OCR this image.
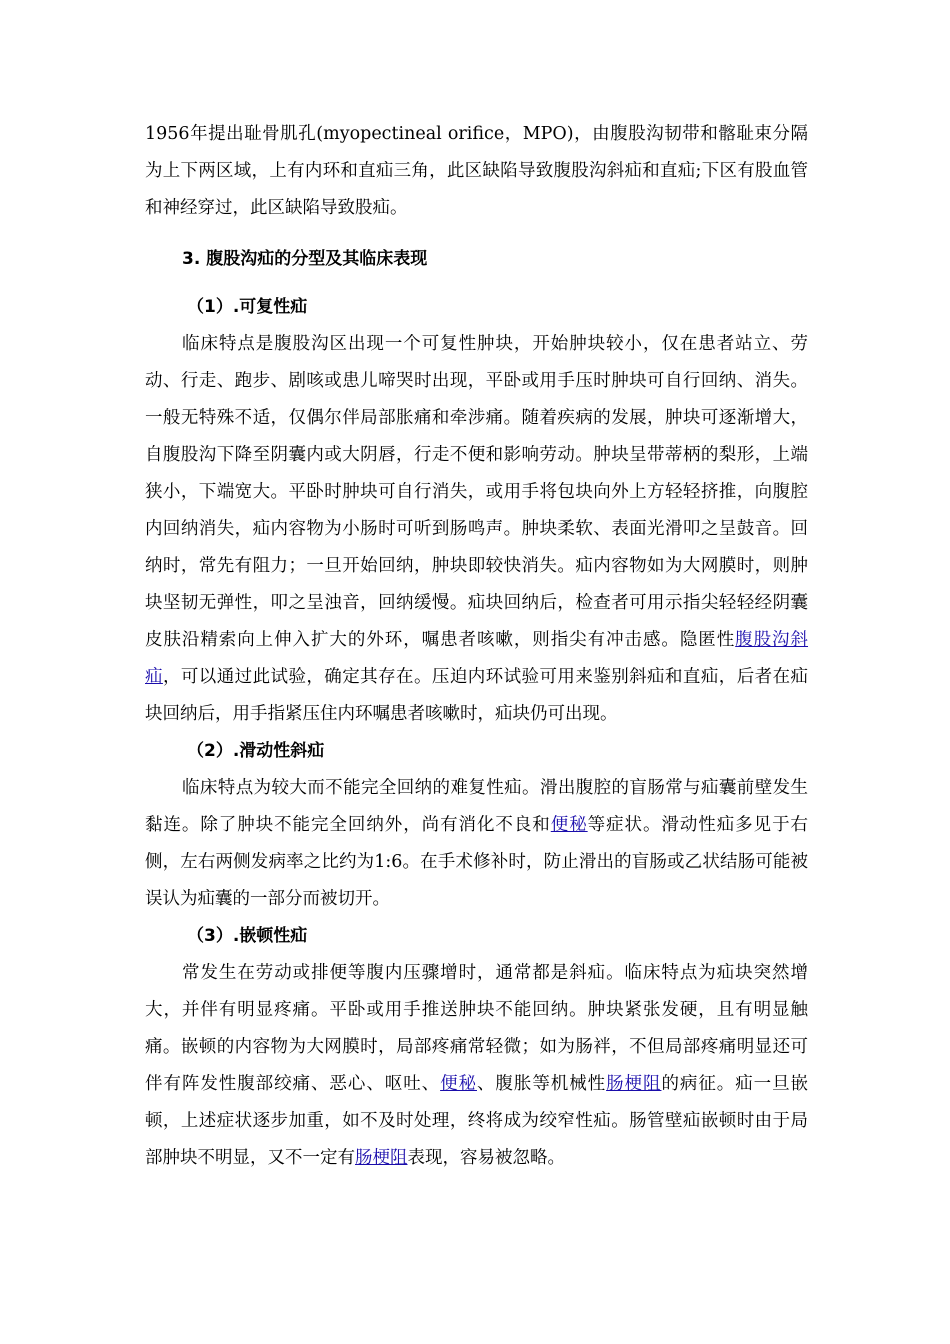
1956年提出耻骨肌孔(myopectineal orifice，MPO)，由腹股沟韧带和髂耻束分隔为上下两区域，上有内环和直疝三角，此区缺陷导致腹股沟斜疝和直疝;下区有股血管和神经穿过，此区缺陷导致股疝。

3. 腹股沟疝的分型及其临床表现
（1）.可复性疝

临床特点是腹股沟区出现一个可复性肿块，开始肿块较小，仅在患者站立、劳动、行走、跑步、剧咳或患儿啼哭时出现，平卧或用手压时肿块可自行回纳、消失。一般无特殊不适，仅偶尔伴局部胀痛和牵涉痛。随着疾病的发展，肿块可逐渐增大，自腹股沟下降至阴囊内或大阴唇，行走不便和影响劳动。肿块呈带蒂柄的梨形，上端狭小，下端宽大。平卧时肿块可自行消失，或用手将包块向外上方轻轻挤推，向腹腔内回纳消失，疝内容物为小肠时可听到肠鸣声。肿块柔软、表面光滑叩之呈鼓音。回纳时，常先有阻力；一旦开始回纳，肿块即较快消失。疝内容物如为大网膜时，则肿块坚韧无弹性，叩之呈浊音，回纳缓慢。疝块回纳后，检查者可用示指尖轻轻经阴囊皮肤沿精索向上伸入扩大的外环，嘱患者咳嗽，则指尖有冲击感。隐匿性腹股沟斜疝，可以通过此试验，确定其存在。压迫内环试验可用来鉴别斜疝和直疝，后者在疝块回纳后，用手指紧压住内环嘱患者咳嗽时，疝块仍可出现。

（2）.滑动性斜疝

临床特点为较大而不能完全回纳的难复性疝。滑出腹腔的盲肠常与疝囊前壁发生黏连。除了肿块不能完全回纳外，尚有消化不良和便秘等症状。滑动性疝多见于右侧，左右两侧发病率之比约为1:6。在手术修补时，防止滑出的盲肠或乙状结肠可能被误认为疝囊的一部分而被切开。

（3）.嵌顿性疝

常发生在劳动或排便等腹内压骤增时，通常都是斜疝。临床特点为疝块突然增大，并伴有明显疼痛。平卧或用手推送肿块不能回纳。肿块紧张发硬，且有明显触痛。嵌顿的内容物为大网膜时，局部疼痛常轻微；如为肠袢，不但局部疼痛明显还可伴有阵发性腹部绞痛、恶心、呕吐、便秘、腹胀等机械性肠梗阻的病征。疝一旦嵌顿，上述症状逐步加重，如不及时处理，终将成为绞窄性疝。肠管壁疝嵌顿时由于局部肿块不明显，又不一定有肠梗阻表现，容易被忽略。
